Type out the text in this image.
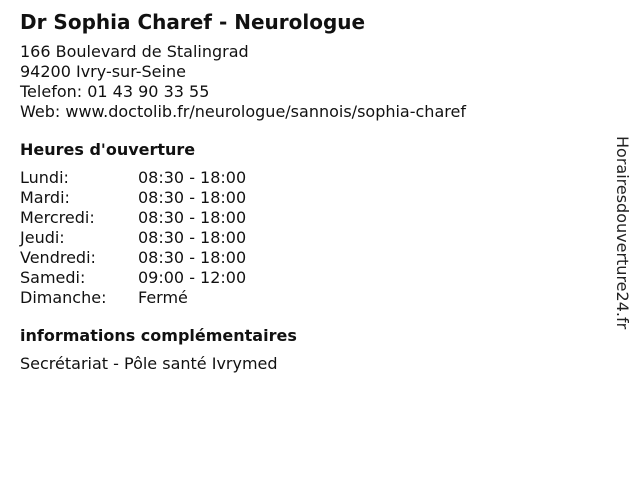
Dr Sophia Charef - Neurologue
166 Boulevard de Stalingrad
94200 Ivry-sur-Seine
Telefon: 01 43 90 33 55
Web: www.doctolib.fr/neurologue/sannois/sophia-charef
Heures d'ouverture
Lundi:	08:30 - 18:00
Mardi:	08:30 - 18:00
Mercredi:	08:30 - 18:00
Jeudi:	08:30 - 18:00
Vendredi:	08:30 - 18:00
Samedi:	09:00 - 12:00
Dimanche:	Fermé
informations complémentaires
Secrétariat - Pôle santé Ivrymed
Horairesdouverture24.fr
